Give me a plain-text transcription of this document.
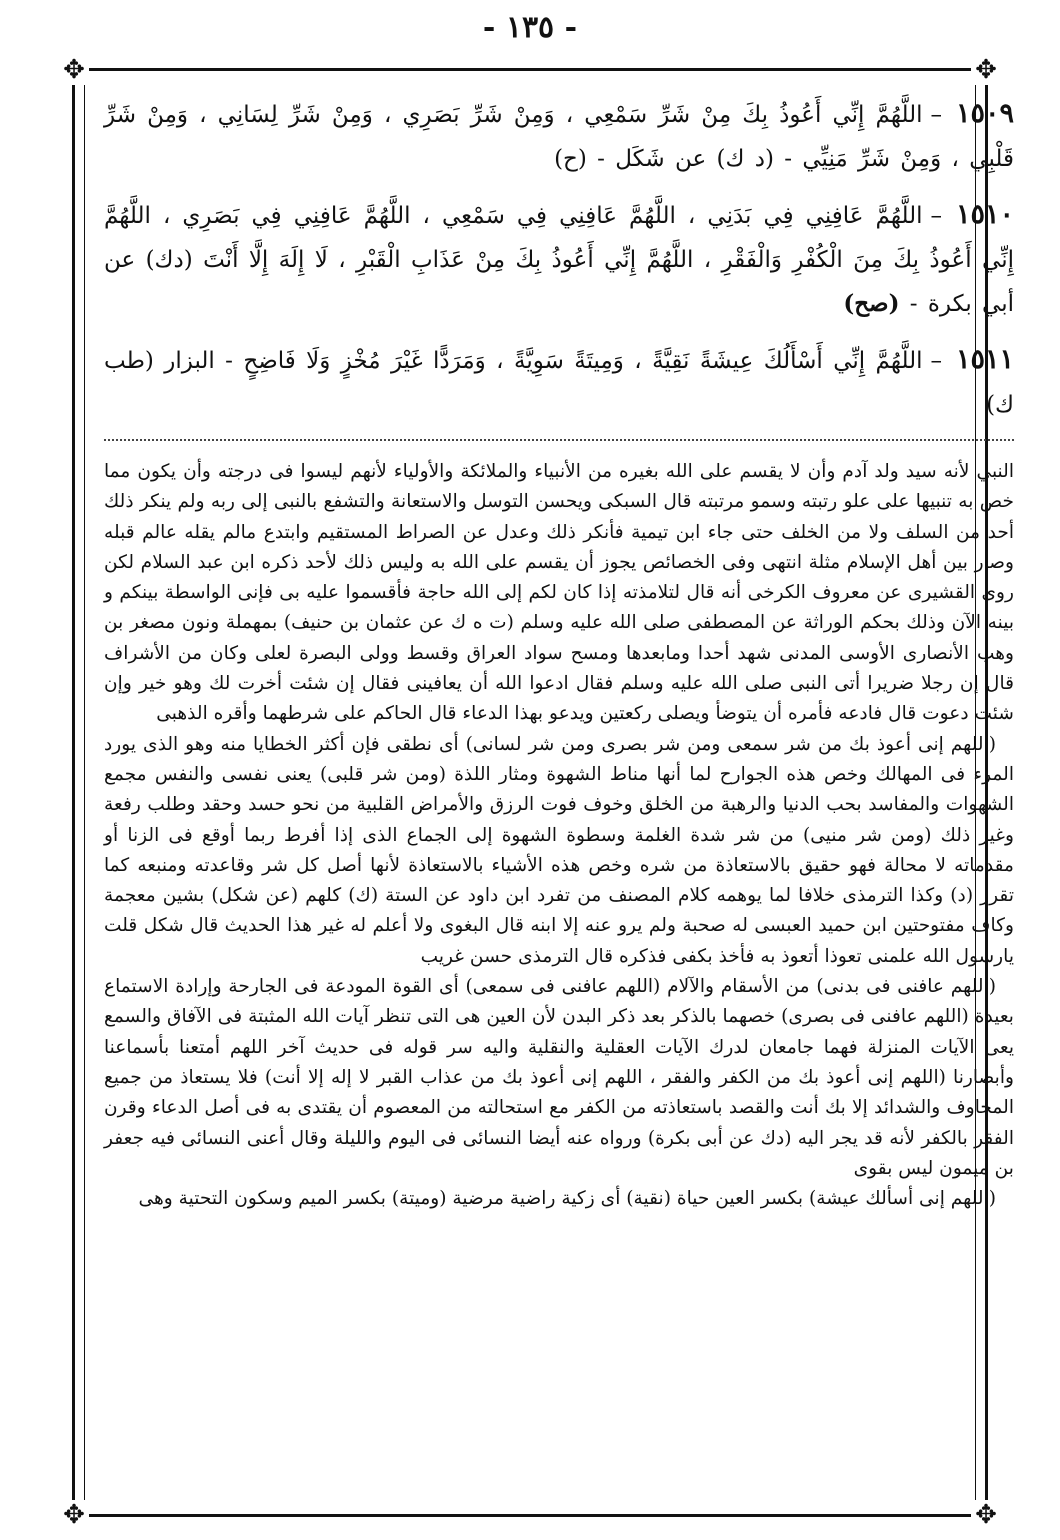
- ١٣٥ -
✥	✥
✥	✥

١٥٠٩–اللَّهُمَّ إِنِّي أَعُوذُ بِكَ مِنْ شَرِّ سَمْعِي ، وَمِنْ شَرِّ بَصَرِي ، وَمِنْ شَرِّ لِسَانِي ، وَمِنْ شَرِّ قَلْبِي ، وَمِنْ شَرِّ مَنِيِّي - (د ك) عن شَكَل - (ح)

١٥١٠–اللَّهُمَّ عَافِنِي فِي بَدَنِي ، اللَّهُمَّ عَافِنِي فِي سَمْعِي ، اللَّهُمَّ عَافِنِي فِي بَصَرِي ، اللَّهُمَّ إِنِّي أَعُوذُ بِكَ مِنَ الْكُفْرِ وَالْفَقْرِ ، اللَّهُمَّ إِنِّي أَعُوذُ بِكَ مِنْ عَذَابِ الْقَبْرِ ، لَا إِلَهَ إِلَّا أَنْتَ (دك) عن أبي بكرة - (صح)

١٥١١–اللَّهُمَّ إِنِّي أَسْأَلُكَ عِيشَةً نَقِيَّةً ، وَمِيتَةً سَوِيَّةً ، وَمَرَدًّا غَيْرَ مُخْزٍ وَلَا فَاضِحٍ - البزار (طب ك)

النبي لأنه سيد ولد آدم وأن لا يقسم على الله بغيره من الأنبياء والملائكة والأولياء لأنهم ليسوا فى درجته وأن يكون مما خص به تنبيها على علو رتبته وسمو مرتبته قال السبكى ويحسن التوسل والاستعانة والتشفع بالنبى إلى ربه ولم ينكر ذلك أحد من السلف ولا من الخلف حتى جاء ابن تيمية فأنكر ذلك وعدل عن الصراط المستقيم وابتدع مالم يقله عالم قبله وصار بين أهل الإسلام مثلة انتهى وفى الخصائص يجوز أن يقسم على الله به وليس ذلك لأحد ذكره ابن عبد السلام لكن روى القشيرى عن معروف الكرخى أنه قال لتلامذته إذا كان لكم إلى الله حاجة فأقسموا عليه بى فإنى الواسطة بينكم و بينه الآن وذلك بحكم الوراثة عن المصطفى صلى الله عليه وسلم (ت ه ك عن عثمان بن حنيف) بمهملة ونون مصغر بن وهب الأنصارى الأوسى المدنى شهد أحدا ومابعدها ومسح سواد العراق وقسط وولى البصرة لعلى وكان من الأشراف قال إن رجلا ضريرا أتى النبى صلى الله عليه وسلم فقال ادعوا الله أن يعافينى فقال إن شئت أخرت لك وهو خير وإن شئت دعوت قال فادعه فأمره أن يتوضأ ويصلى ركعتين ويدعو بهذا الدعاء قال الحاكم على شرطهما وأقره الذهبى

(اللهم إنى أعوذ بك من شر سمعى ومن شر بصرى ومن شر لسانى) أى نطقى فإن أكثر الخطايا منه وهو الذى يورد المرء فى المهالك وخص هذه الجوارح لما أنها مناط الشهوة ومثار اللذة (ومن شر قلبى) يعنى نفسى والنفس مجمع الشهوات والمفاسد بحب الدنيا والرهبة من الخلق وخوف فوت الرزق والأمراض القلبية من نحو حسد وحقد وطلب رفعة وغير ذلك (ومن شر منيى) من شر شدة الغلمة وسطوة الشهوة إلى الجماع الذى إذا أفرط ربما أوقع فى الزنا أو مقدماته لا محالة فهو حقيق بالاستعاذة من شره وخص هذه الأشياء بالاستعاذة لأنها أصل كل شر وقاعدته ومنبعه كما تقرر (د) وكذا الترمذى خلافا لما يوهمه كلام المصنف من تفرد ابن داود عن الستة (ك) كلهم (عن شكل) بشين معجمة وكاف مفتوحتين ابن حميد العبسى له صحبة ولم يرو عنه إلا ابنه قال البغوى ولا أعلم له غير هذا الحديث قال شكل قلت يارسول الله علمنى تعوذا أتعوذ به فأخذ بكفى فذكره قال الترمذى حسن غريب

(اللهم عافنى فى بدنى) من الأسقام والآلام (اللهم عافنى فى سمعى) أى القوة المودعة فى الجارحة وإرادة الاستماع بعيدة (اللهم عافنى فى بصرى) خصهما بالذكر بعد ذكر البدن لأن العين هى التى تنظر آيات الله المثبتة فى الآفاق والسمع يعى الآيات المنزلة فهما جامعان لدرك الآيات العقلية والنقلية واليه سر قوله فى حديث آخر اللهم أمتعنا بأسماعنا وأبصارنا (اللهم إنى أعوذ بك من الكفر والفقر ، اللهم إنى أعوذ بك من عذاب القبر لا إله إلا أنت) فلا يستعاذ من جميع المخاوف والشدائد إلا بك أنت والقصد باستعاذته من الكفر مع استحالته من المعصوم أن يقتدى به فى أصل الدعاء وقرن الفقر بالكفر لأنه قد يجر اليه (دك عن أبى بكرة) ورواه عنه أيضا النسائى فى اليوم والليلة وقال أعنى النسائى فيه جعفر بن ميمون ليس بقوى

(اللهم إنى أسألك عيشة) بكسر العين حياة (نقية) أى زكية راضية مرضية (وميتة) بكسر الميم وسكون التحتية وهى
